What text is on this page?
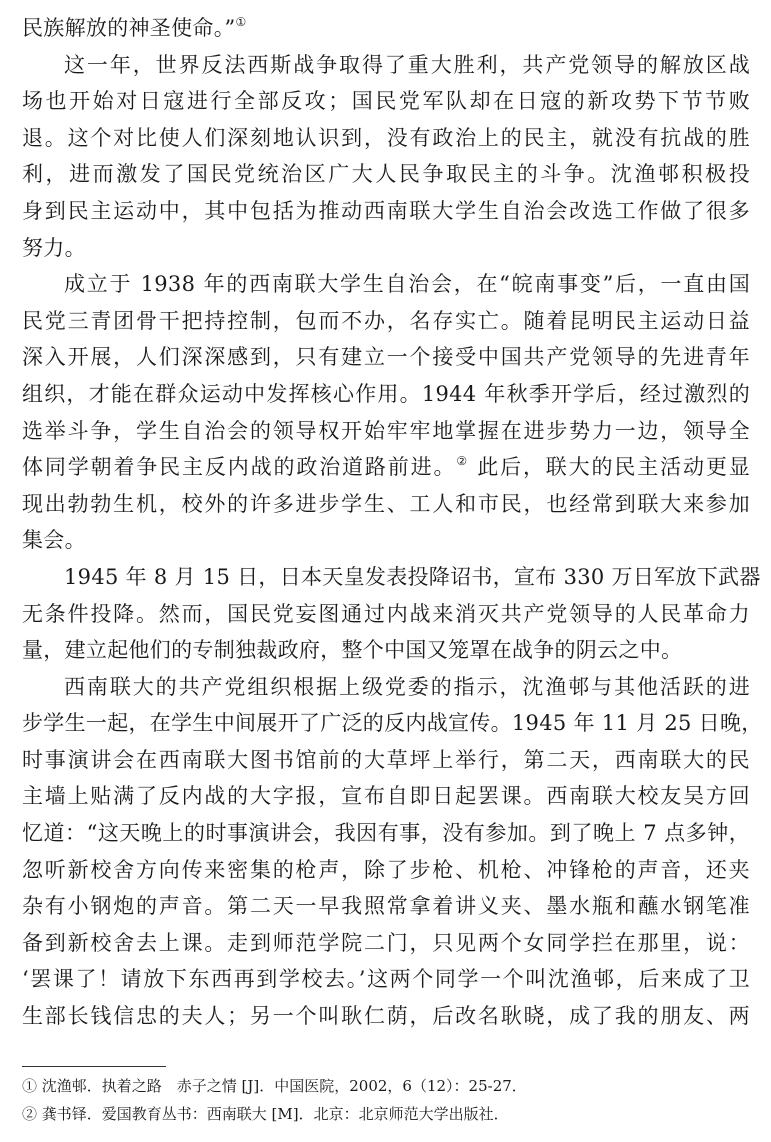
民族解放的神圣使命。”①
这一年，世界反法西斯战争取得了重大胜利，共产党领导的解放区战
场也开始对日寇进行全部反攻；国民党军队却在日寇的新攻势下节节败
退。这个对比使人们深刻地认识到，没有政治上的民主，就没有抗战的胜
利，进而激发了国民党统治区广大人民争取民主的斗争。沈渔邨积极投
身到民主运动中，其中包括为推动西南联大学生自治会改选工作做了很多
努力。
成立于 1938 年的西南联大学生自治会，在“皖南事变”后，一直由国
民党三青团骨干把持控制，包而不办，名存实亡。随着昆明民主运动日益
深入开展，人们深深感到，只有建立一个接受中国共产党领导的先进青年
组织，才能在群众运动中发挥核心作用。1944 年秋季开学后，经过激烈的
选举斗争，学生自治会的领导权开始牢牢地掌握在进步势力一边，领导全
体同学朝着争民主反内战的政治道路前进。② 此后，联大的民主活动更显
现出勃勃生机，校外的许多进步学生、工人和市民，也经常到联大来参加
集会。
1945 年 8 月 15 日，日本天皇发表投降诏书，宣布 330 万日军放下武器
无条件投降。然而，国民党妄图通过内战来消灭共产党领导的人民革命力
量，建立起他们的专制独裁政府，整个中国又笼罩在战争的阴云之中。
西南联大的共产党组织根据上级党委的指示，沈渔邨与其他活跃的进
步学生一起，在学生中间展开了广泛的反内战宣传。1945 年 11 月 25 日晚，
时事演讲会在西南联大图书馆前的大草坪上举行，第二天，西南联大的民
主墙上贴满了反内战的大字报，宣布自即日起罢课。西南联大校友吴方回
忆道：“这天晚上的时事演讲会，我因有事，没有参加。到了晚上 7 点多钟，
忽听新校舍方向传来密集的枪声，除了步枪、机枪、冲锋枪的声音，还夹
杂有小钢炮的声音。第二天一早我照常拿着讲义夹、墨水瓶和蘸水钢笔准
备到新校舍去上课。走到师范学院二门，只见两个女同学拦在那里，说：
‘罢课了！请放下东西再到学校去。’这两个同学一个叫沈渔邨，后来成了卫
生部长钱信忠的夫人；另一个叫耿仁荫，后改名耿晓，成了我的朋友、两
① 沈渔邨．执着之路　赤子之情 [J]．中国医院，2002，6（12）：25-27．
② 龚书铎．爱国教育丛书：西南联大 [M]．北京：北京师范大学出版社．
